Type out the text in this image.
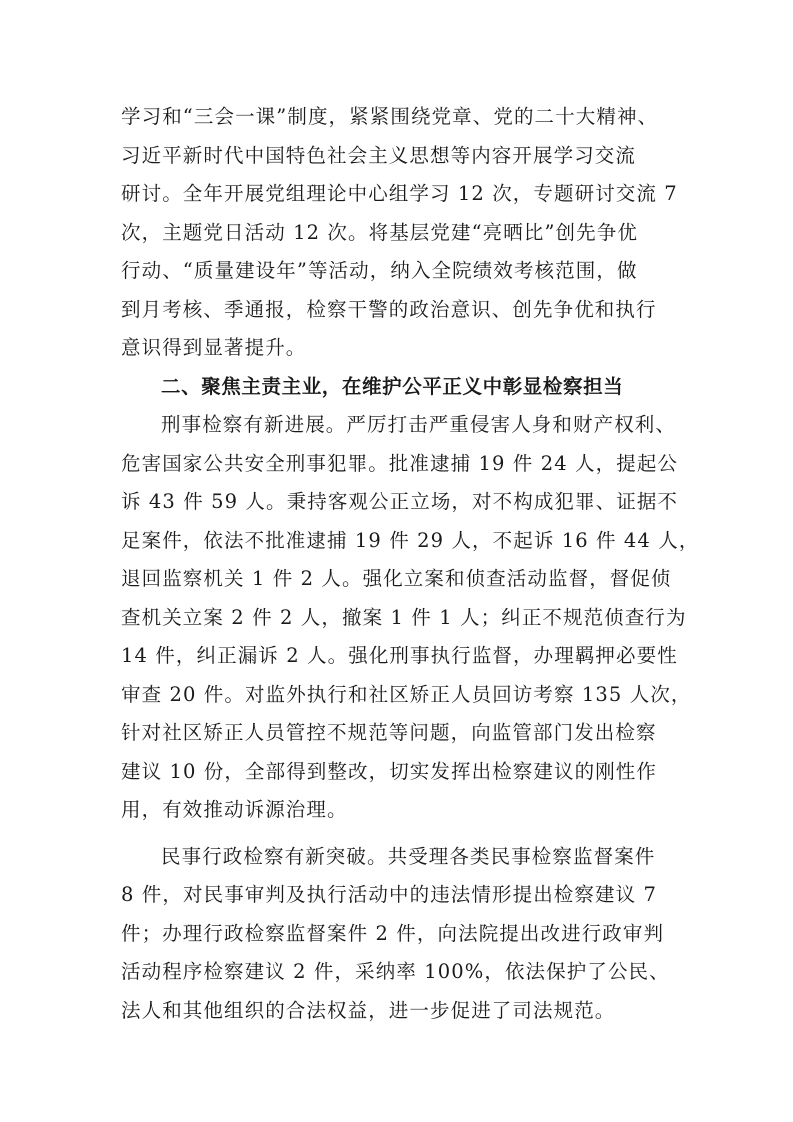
学习和“三会一课”制度，紧紧围绕党章、党的二十大精神、
习近平新时代中国特色社会主义思想等内容开展学习交流
研讨。全年开展党组理论中心组学习 12 次，专题研讨交流 7
次，主题党日活动 12 次。将基层党建“亮晒比”创先争优
行动、“质量建设年”等活动，纳入全院绩效考核范围，做
到月考核、季通报，检察干警的政治意识、创先争优和执行
意识得到显著提升。
二、聚焦主责主业，在维护公平正义中彰显检察担当
刑事检察有新进展。严厉打击严重侵害人身和财产权利、
危害国家公共安全刑事犯罪。批准逮捕 19 件 24 人，提起公
诉 43 件 59 人。秉持客观公正立场，对不构成犯罪、证据不
足案件，依法不批准逮捕 19 件 29 人，不起诉 16 件 44 人，
退回监察机关 1 件 2 人。强化立案和侦查活动监督，督促侦
查机关立案 2 件 2 人，撤案 1 件 1 人；纠正不规范侦查行为
14 件，纠正漏诉 2 人。强化刑事执行监督，办理羁押必要性
审查 20 件。对监外执行和社区矫正人员回访考察 135 人次，
针对社区矫正人员管控不规范等问题，向监管部门发出检察
建议 10 份，全部得到整改，切实发挥出检察建议的刚性作
用，有效推动诉源治理。
民事行政检察有新突破。共受理各类民事检察监督案件
8 件，对民事审判及执行活动中的违法情形提出检察建议 7
件；办理行政检察监督案件 2 件，向法院提出改进行政审判
活动程序检察建议 2 件，采纳率 100%，依法保护了公民、
法人和其他组织的合法权益，进一步促进了司法规范。
